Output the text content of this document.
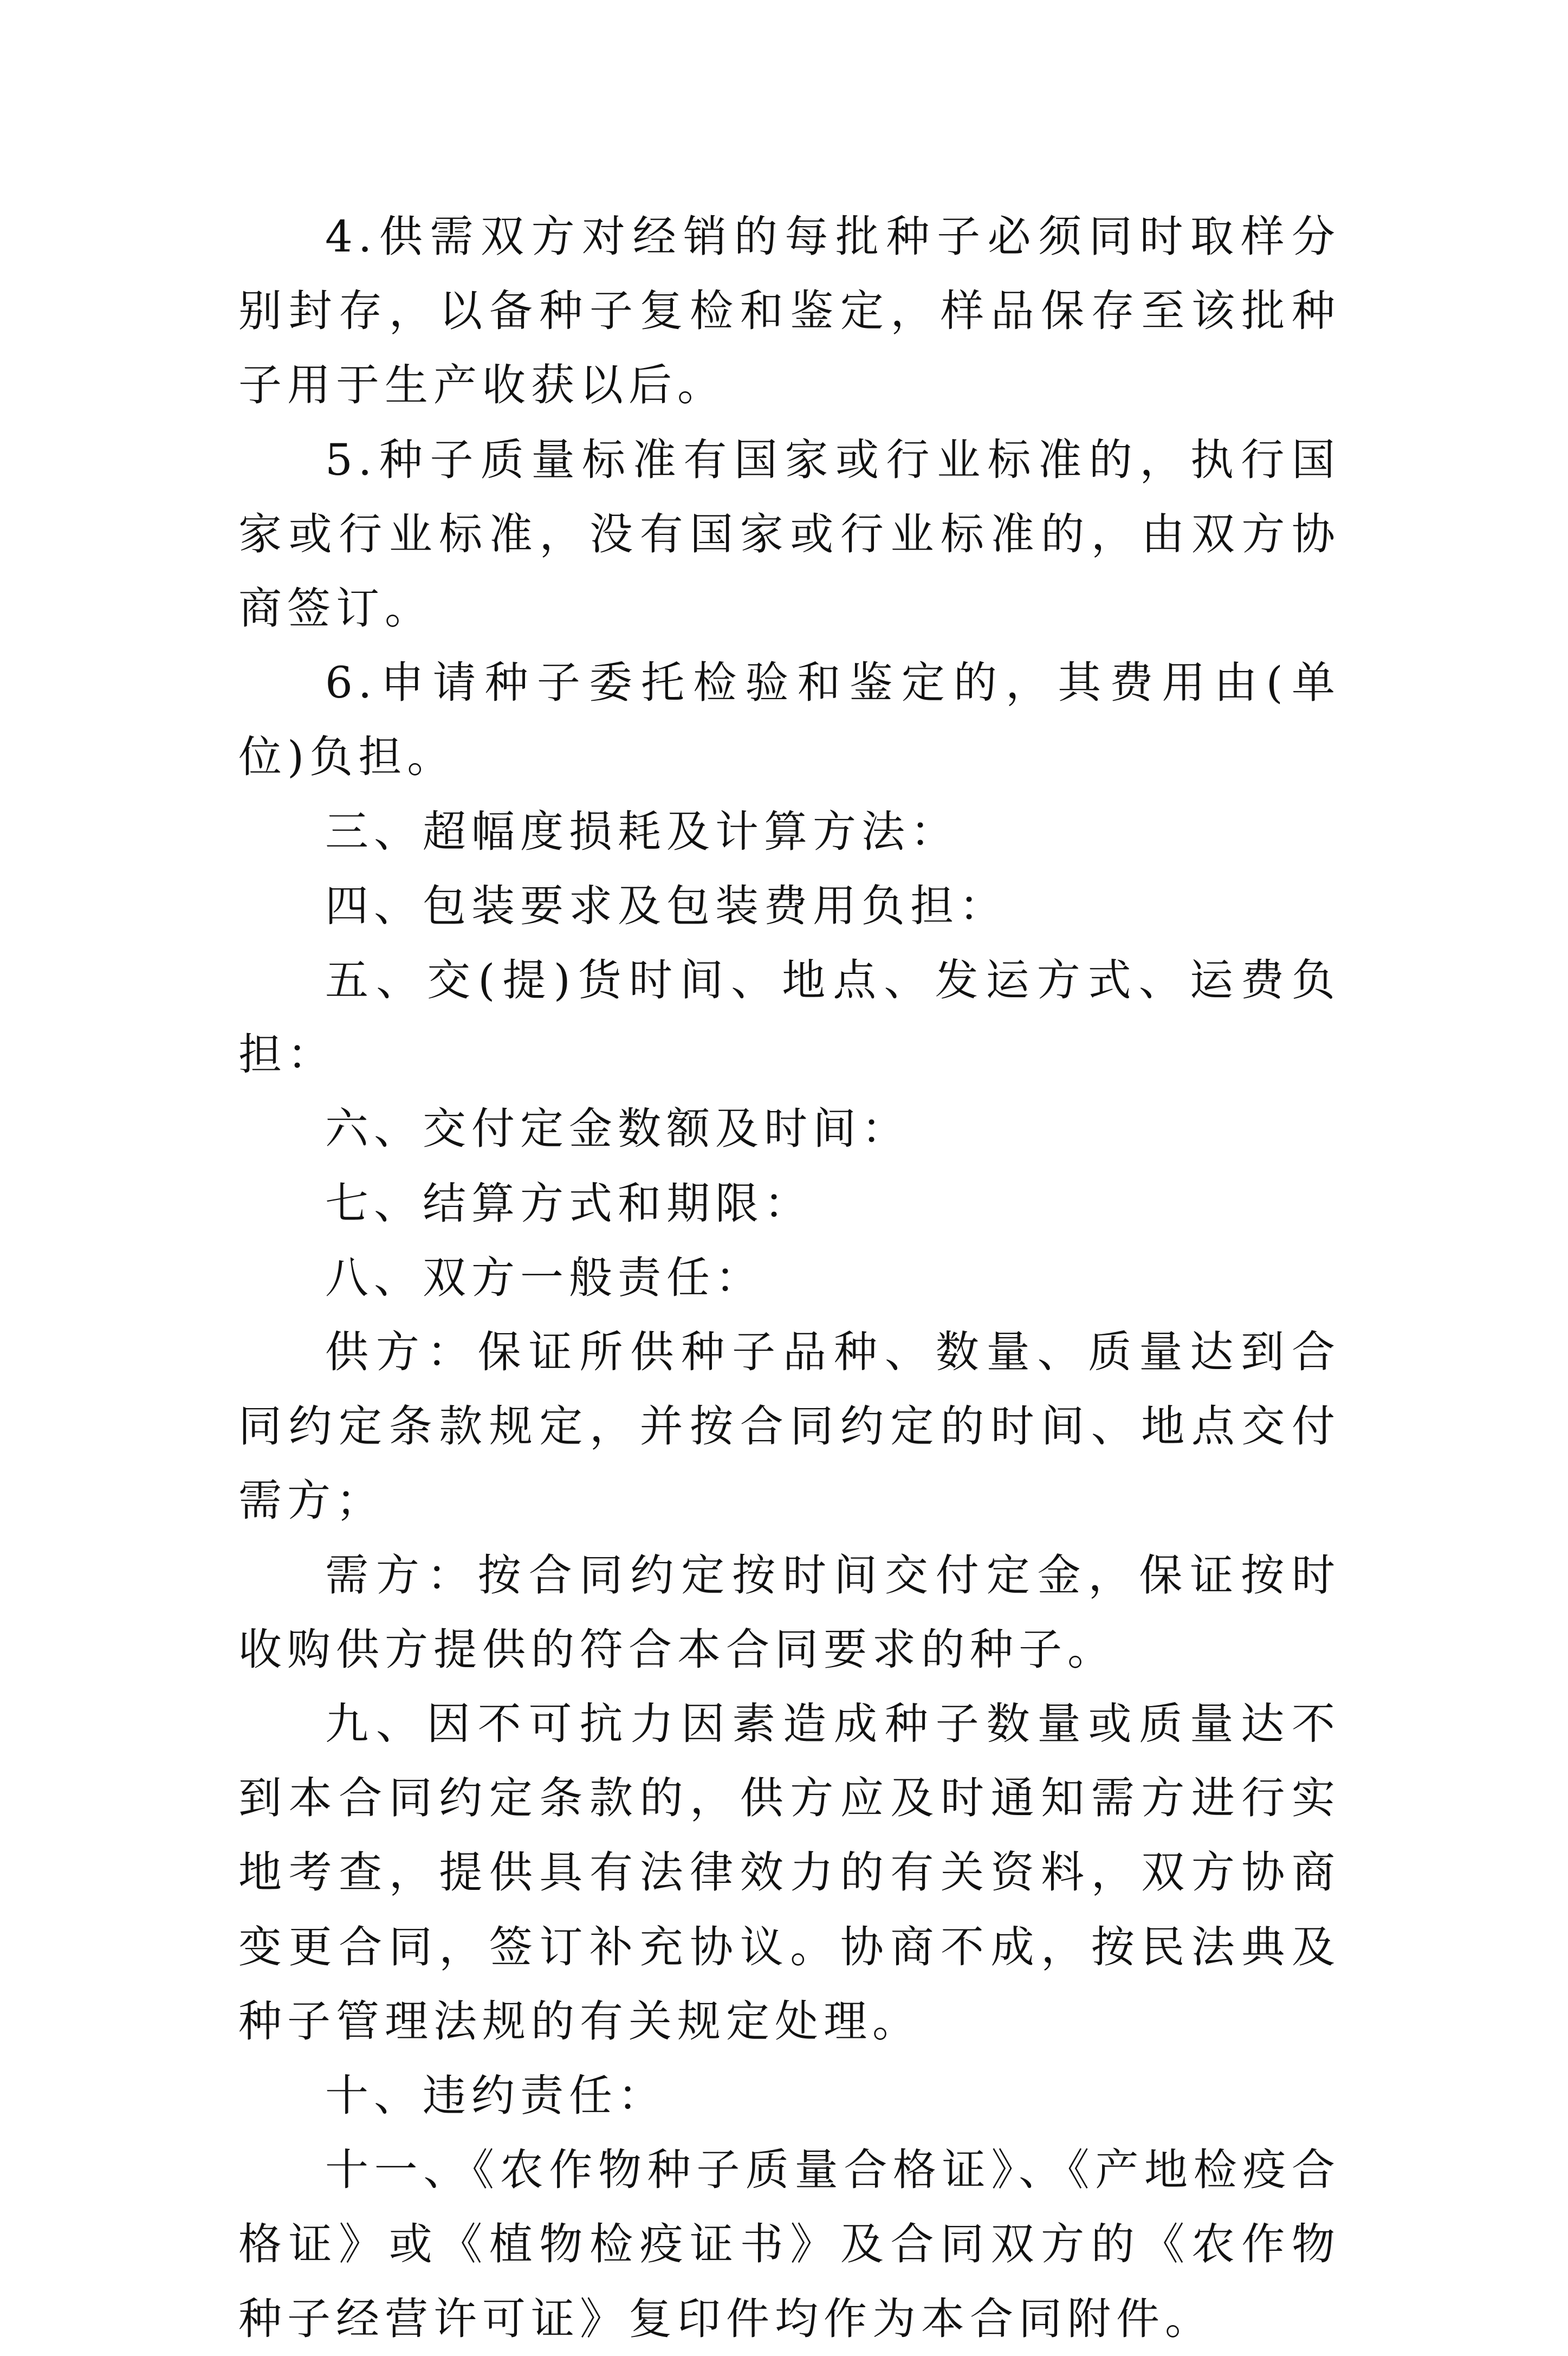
4.供需双方对经销的每批种子必须同时取样分别封存，以备种子复检和鉴定，样品保存至该批种子用于生产收获以后。

5.种子质量标准有国家或行业标准的，执行国家或行业标准，没有国家或行业标准的，由双方协商签订。

6.申请种子委托检验和鉴定的，其费用由(单位)负担。

三、超幅度损耗及计算方法：

四、包装要求及包装费用负担：

五、交(提)货时间、地点、发运方式、运费负担：

六、交付定金数额及时间：

七、结算方式和期限：

八、双方一般责任：

供方：保证所供种子品种、数量、质量达到合同约定条款规定，并按合同约定的时间、地点交付需方；

需方：按合同约定按时间交付定金，保证按时收购供方提供的符合本合同要求的种子。

九、因不可抗力因素造成种子数量或质量达不到本合同约定条款的，供方应及时通知需方进行实地考查，提供具有法律效力的有关资料，双方协商变更合同，签订补充协议。协商不成，按民法典及种子管理法规的有关规定处理。

十、违约责任：

十一、《农作物种子质量合格证》、《产地检疫合格证》或《植物检疫证书》及合同双方的《农作物种子经营许可证》复印件均作为本合同附件。
